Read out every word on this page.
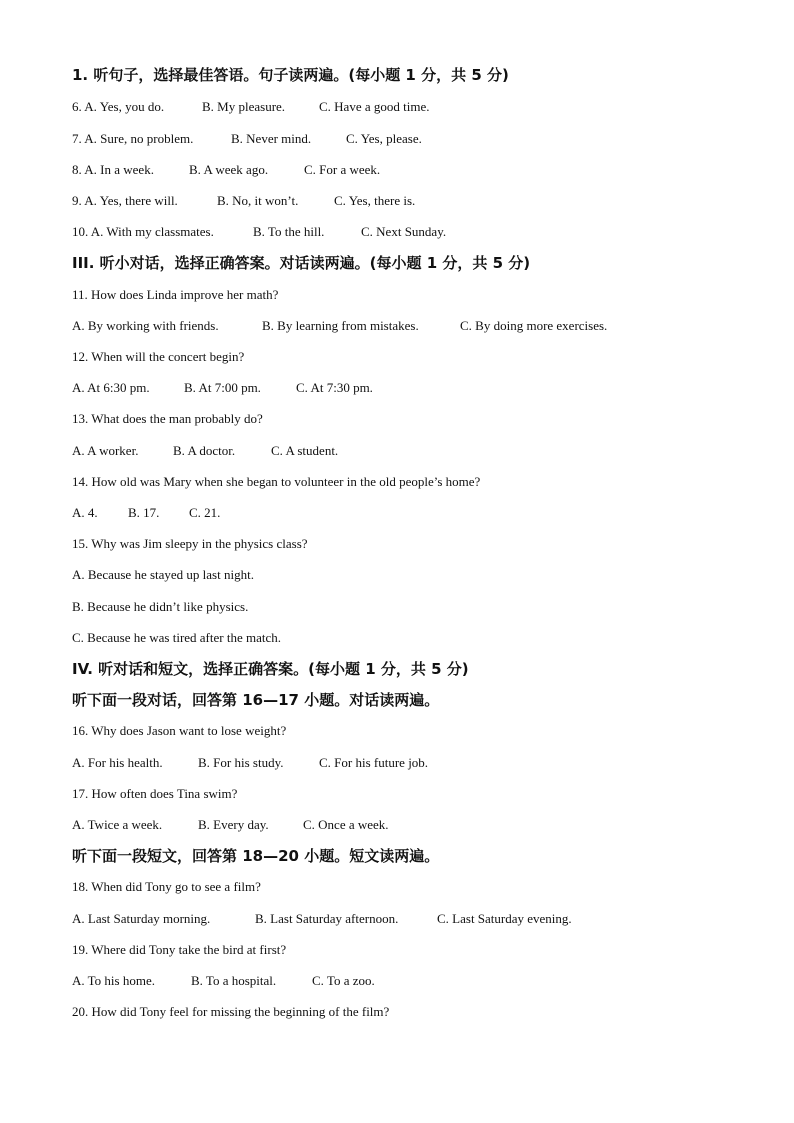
1. 听句子，选择最佳答语。句子读两遍。(每小题 1 分，共 5 分)
6. A. Yes, you do.	B. My pleasure.	C. Have a good time.
7. A. Sure, no problem.	B. Never mind.	C. Yes, please.
8. A. In a week.	B. A week ago.	C. For a week.
9. A. Yes, there will.	B. No, it won’t.	C. Yes, there is.
10. A. With my classmates.	B. To the hill.	C. Next Sunday.
III. 听小对话，选择正确答案。对话读两遍。(每小题 1 分，共 5 分)
11. How does Linda improve her math?
A. By working with friends.	B. By learning from mistakes.	C. By doing more exercises.
12. When will the concert begin?
A. At 6:30 pm.	B. At 7:00 pm.	C. At 7:30 pm.
13. What does the man probably do?
A. A worker.	B. A doctor.	C. A student.
14. How old was Mary when she began to volunteer in the old people’s home?
A. 4. B. 17. C. 21.
15. Why was Jim sleepy in the physics class?
A. Because he stayed up last night.
B. Because he didn’t like physics.
C. Because he was tired after the match.
IV. 听对话和短文，选择正确答案。(每小题 1 分，共 5 分)
听下面一段对话，回答第 16—17 小题。对话读两遍。
16. Why does Jason want to lose weight?
A. For his health.	B. For his study.	C. For his future job.
17. How often does Tina swim?
A. Twice a week.	B. Every day.	C. Once a week.
听下面一段短文，回答第 18—20 小题。短文读两遍。
18. When did Tony go to see a film?
A. Last Saturday morning.	B. Last Saturday afternoon.	C. Last Saturday evening.
19. Where did Tony take the bird at first?
A. To his home.	B. To a hospital.	C. To a zoo.
20. How did Tony feel for missing the beginning of the film?
